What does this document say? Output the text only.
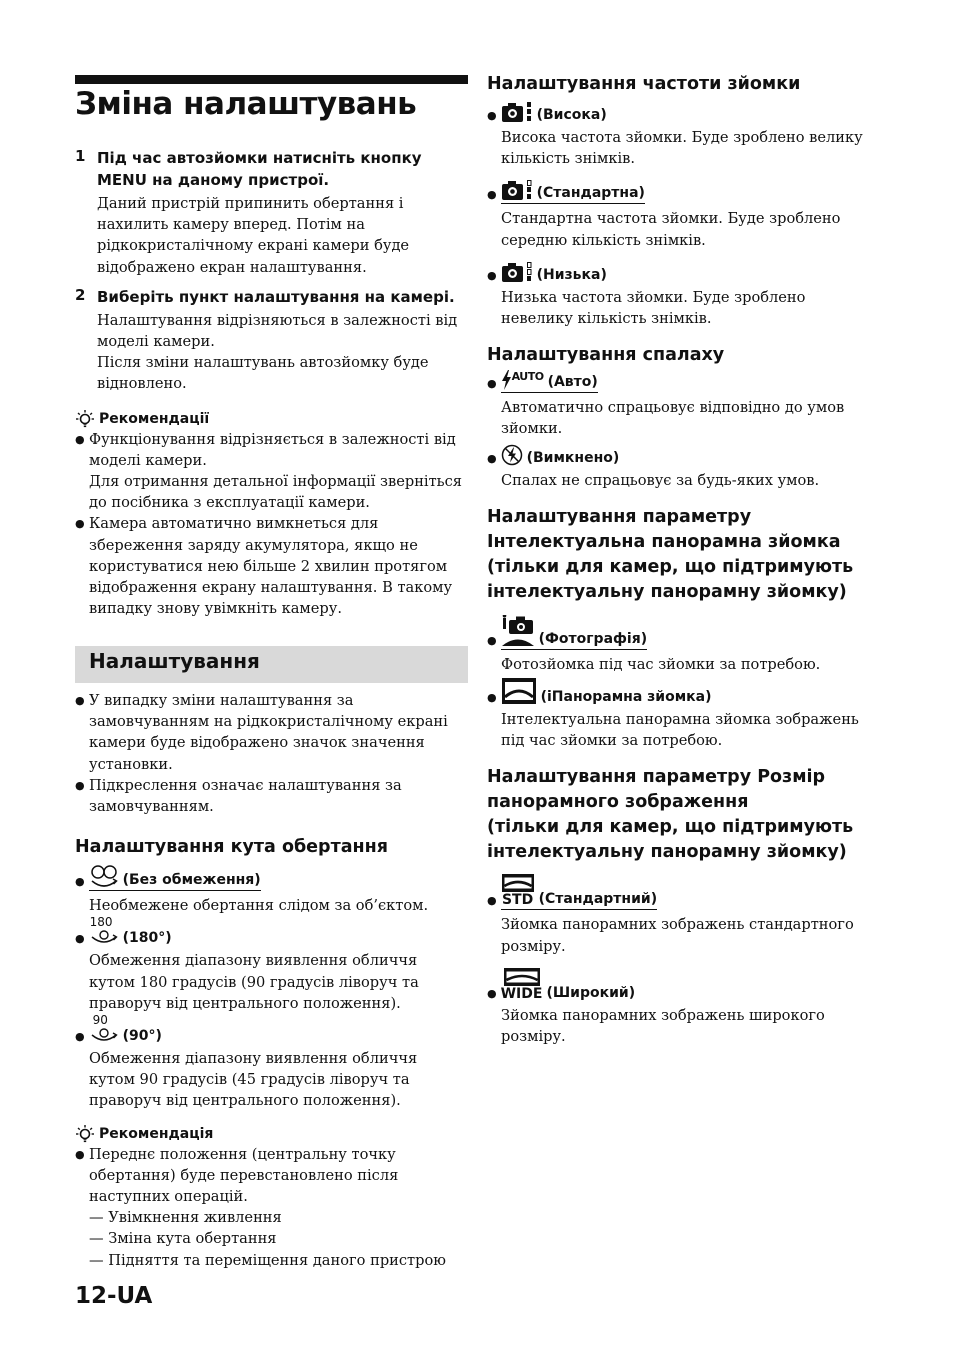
Зміна налаштувань
1 Під час автозйомки натисніть кнопку MENU на даному пристрої.

Даний пристрій припинить обертання і нахилить камеру вперед. Потім на рідкокристалічному екрані камери буде відображено екран налаштування.

2 Виберіть пункт налаштування на камері.

Налаштування відрізняються в залежності від моделі камери.

Після зміни налаштувань автозйомку буде відновлено.

Рекомендації

● Функціонування відрізняється в залежності від моделі камери.
Для отримання детальної інформації зверніться до посібника з експлуатації камери.
● Камера автоматично вимкнеться для збереження заряду акумулятора, якщо не користуватися нею більше 2 хвилин протягом відображення екрану налаштування. В такому випадку знову увімкніть камеру.
Налаштування
● У випадку зміни налаштування за замовчуванням на рідкокристалічному екрані камери буде відображено значок значення установки.
● Підкреслення означає налаштування за замовчуванням.

Налаштування кута обертання

●	(Без обмеження)

Необмежене обертання слідом за об’єктом.

●
180
(180°)

Обмеження діапазону виявлення обличчя кутом 180 градусів (90 градусів ліворуч та праворуч від центрального положення).

●
90
(90°)

Обмеження діапазону виявлення обличчя кутом 90 градусів (45 градусів ліворуч та праворуч від центрального положення).

Рекомендація

● Переднє положення (центральну точку обертання) буде перевстановлено після наступних операцій.
— Увімкнення живлення
— Зміна кута обертання
— Підняття та переміщення даного пристрою

Налаштування частоти зйомки

●	(Висока)

Висока частота зйомки. Буде зроблено велику кількість знімків.

●	(Стандартна)

Стандартна частота зйомки. Буде зроблено середню кількість знімків.

●	(Низька)

Низька частота зйомки. Буде зроблено невелику кількість знімків.

Налаштування спалаху

●
AUTO (Авто)

Автоматично спрацьовує відповідно до умов зйомки.

● (Вимкнено)

Спалах не спрацьовує за будь-яких умов.

Налаштування параметру

Інтелектуальна панорамна зйомка

(тільки для камер, що підтримують

інтелектуальну панорамну зйомку)

●	(Фотографія)

Фотозйомка під час зйомки за потребою.

●	(іПанорамна зйомка)

Інтелектуальна панорамна зйомка зображень під час зйомки за потребою.

Налаштування параметру Розмір

панорамного зображення

(тільки для камер, що підтримують

інтелектуальну панорамну зйомку)

● STD (Стандартний)

Зйомка панорамних зображень стандартного розміру.

● WIDE (Широкий)

Зйомка панорамних зображень широкого розміру.

12-UA
